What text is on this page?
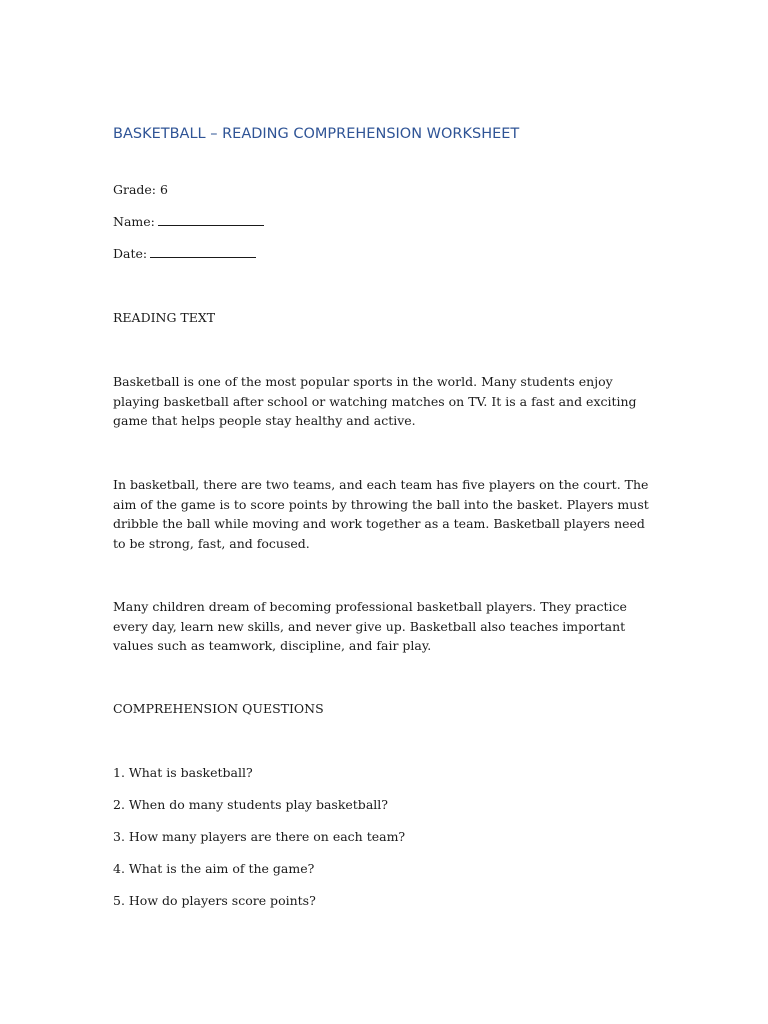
BASKETBALL – READING COMPREHENSION WORKSHEET

Grade: 6

Name:

Date:

READING TEXT

Basketball is one of the most popular sports in the world. Many students enjoy playing basketball after school or watching matches on TV. It is a fast and exciting game that helps people stay healthy and active.

In basketball, there are two teams, and each team has five players on the court. The aim of the game is to score points by throwing the ball into the basket. Players must dribble the ball while moving and work together as a team. Basketball players need to be strong, fast, and focused.

Many children dream of becoming professional basketball players. They practice every day, learn new skills, and never give up. Basketball also teaches important values such as teamwork, discipline, and fair play.

COMPREHENSION QUESTIONS

1. What is basketball?

2. When do many students play basketball?

3. How many players are there on each team?

4. What is the aim of the game?

5. How do players score points?
